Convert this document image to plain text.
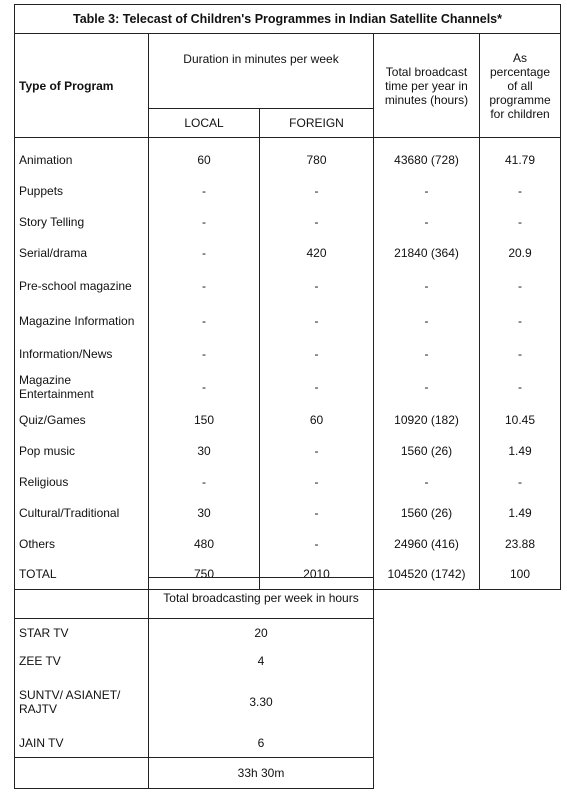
Table 3: Telecast of Children's Programmes in Indian Satellite Channels*				
Type of Program	Duration in minutes per week		Total broadcast time per year in minutes (hours)	As percentage of all programme for children
	LOCAL	FOREIGN		
Animation	60	780	43680 (728)	41.79
Puppets	-	-	-	-
Story Telling	-	-	-	-
Serial/drama	-	420	21840 (364)	20.9
Pre-school magazine	-	-	-	-
Magazine Information	-	-	-	-
Information/News	-	-	-	-
Magazine Entertainment	-	-	-	-
Quiz/Games	150	60	10920 (182)	10.45
Pop music	30	-	1560 (26)	1.49
Religious	-	-	-	-
Cultural/Traditional	30	-	1560 (26)	1.49
Others	480	-	24960 (416)	23.88
TOTAL	750	2010	104520 (1742)	100
	Total broadcasting per week in hours
STAR TV	20
ZEE TV	4
SUNTV/ ASIANET/ RAJTV	3.30
JAIN TV	6
	33h 30m
